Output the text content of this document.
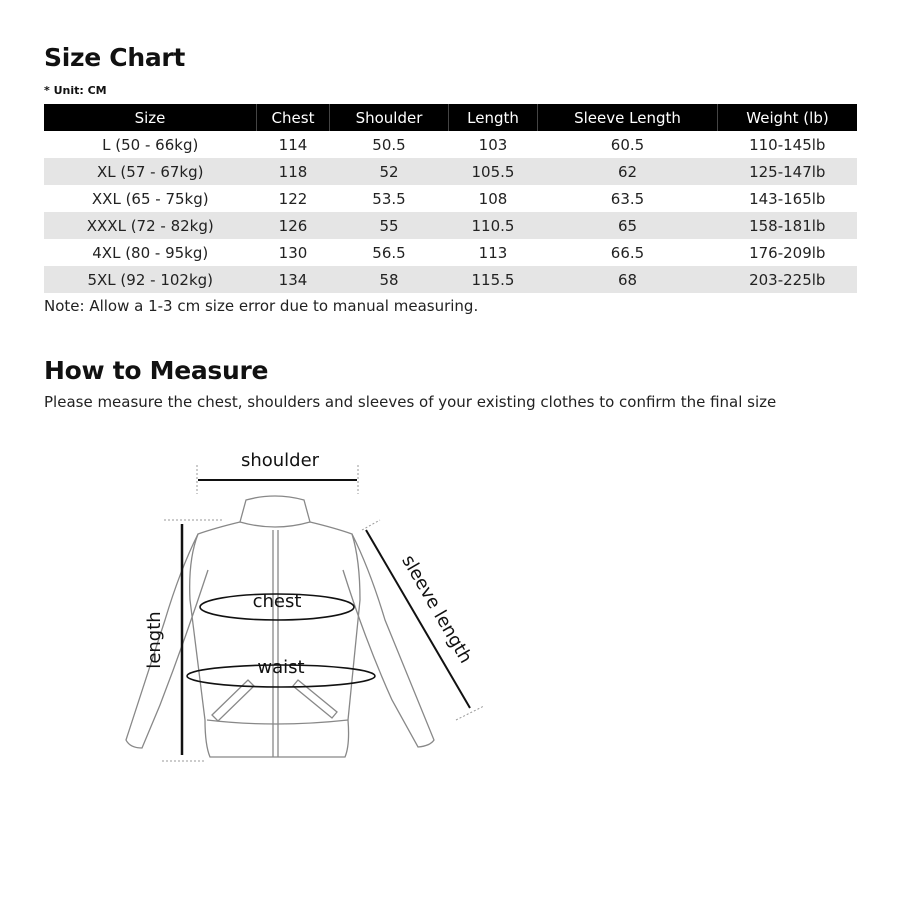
Size Chart
* Unit: CM
Size	Chest	Shoulder	Length	Sleeve Length	Weight (lb)
L (50 - 66kg)	114	50.5	103	60.5	110-145lb
XL (57 - 67kg)	118	52	105.5	62	125-147lb
XXL (65 - 75kg)	122	53.5	108	63.5	143-165lb
XXXL (72 - 82kg)	126	55	110.5	65	158-181lb
4XL (80 - 95kg)	130	56.5	113	66.5	176-209lb
5XL (92 - 102kg)	134	58	115.5	68	203-225lb
Note: Allow a 1-3 cm size error due to manual measuring.
How to Measure
Please measure the chest, shoulders and sleeves of your existing clothes to confirm the final size
shoulder
chest
waist
length	sleeve length
